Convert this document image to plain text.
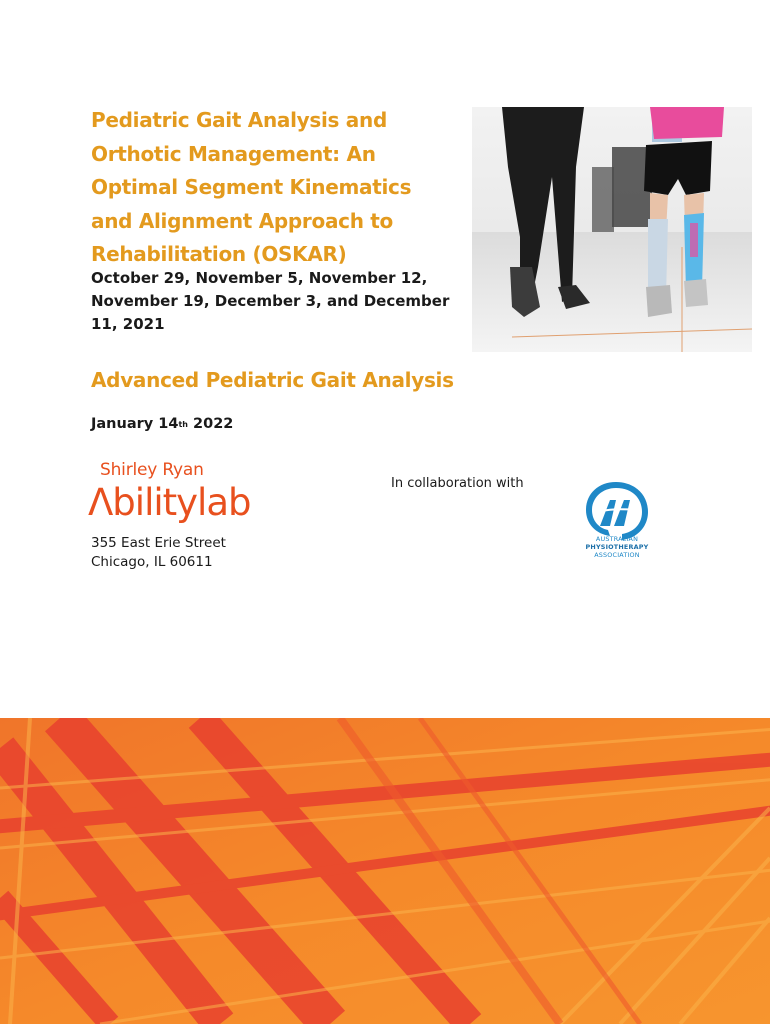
Pediatric Gait Analysis and
Orthotic Management: An
Optimal Segment Kinematics
and Alignment Approach to
Rehabilitation (OSKAR)

October 29, November 5, November 12,
November 19, December 3, and December
11, 2021

Advanced Pediatric Gait Analysis

January 14th 2022

Shirley Ryan
Λbilitylab
355 East Erie Street
Chicago, IL 60611
In collaboration with
AUSTRALIAN
PHYSIOTHERAPY
ASSOCIATION
